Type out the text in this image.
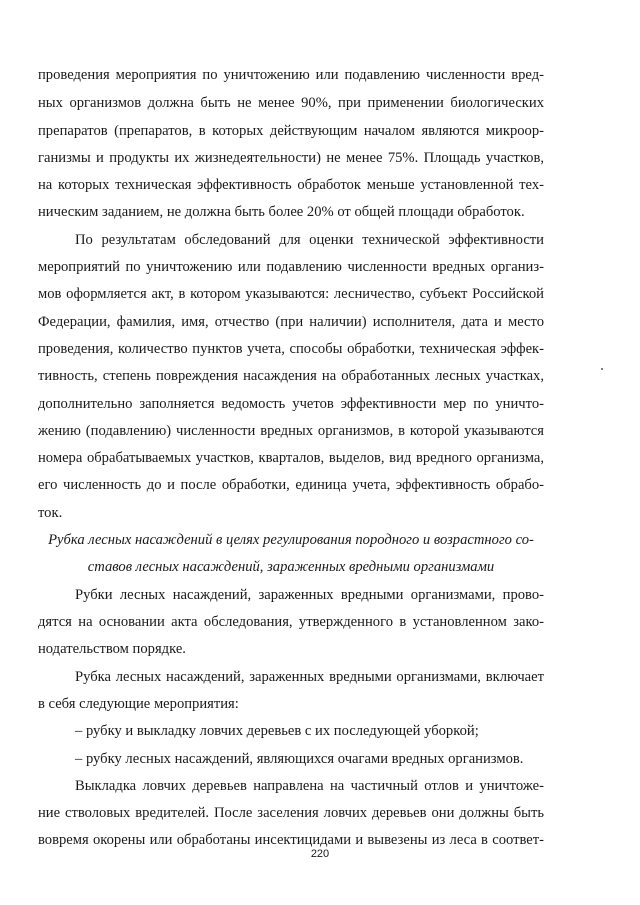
проведения мероприятия по уничтожению или подавлению численности вред-
ных организмов должна быть не менее 90%, при применении биологических
препаратов (препаратов, в которых действующим началом являются микроор-
ганизмы и продукты их жизнедеятельности) не менее 75%. Площадь участков,
на которых техническая эффективность обработок меньше установленной тех-
ническим заданием, не должна быть более 20% от общей площади обработок.
По результатам обследований для оценки технической эффективности
мероприятий по уничтожению или подавлению численности вредных организ-
мов оформляется акт, в котором указываются: лесничество, субъект Российской
Федерации, фамилия, имя, отчество (при наличии) исполнителя, дата и место
проведения, количество пунктов учета, способы обработки, техническая эффек-
тивность, степень повреждения насаждения на обработанных лесных участках,
дополнительно заполняется ведомость учетов эффективности мер по уничто-
жению (подавлению) численности вредных организмов, в которой указываются
номера обрабатываемых участков, кварталов, выделов, вид вредного организма,
его численность до и после обработки, единица учета, эффективность обрабо-
ток.
Рубка лесных насаждений в целях регулирования породного и возрастного со-
ставов лесных насаждений, зараженных вредными организмами
Рубки лесных насаждений, зараженных вредными организмами, прово-
дятся на основании акта обследования, утвержденного в установленном зако-
нодательством порядке.
Рубка лесных насаждений, зараженных вредными организмами, включает
в себя следующие мероприятия:
– рубку и выкладку ловчих деревьев с их последующей уборкой;
– рубку лесных насаждений, являющихся очагами вредных организмов.
Выкладка ловчих деревьев направлена на частичный отлов и уничтоже-
ние стволовых вредителей. После заселения ловчих деревьев они должны быть
вовремя окорены или обработаны инсектицидами и вывезены из леса в соответ-
220
